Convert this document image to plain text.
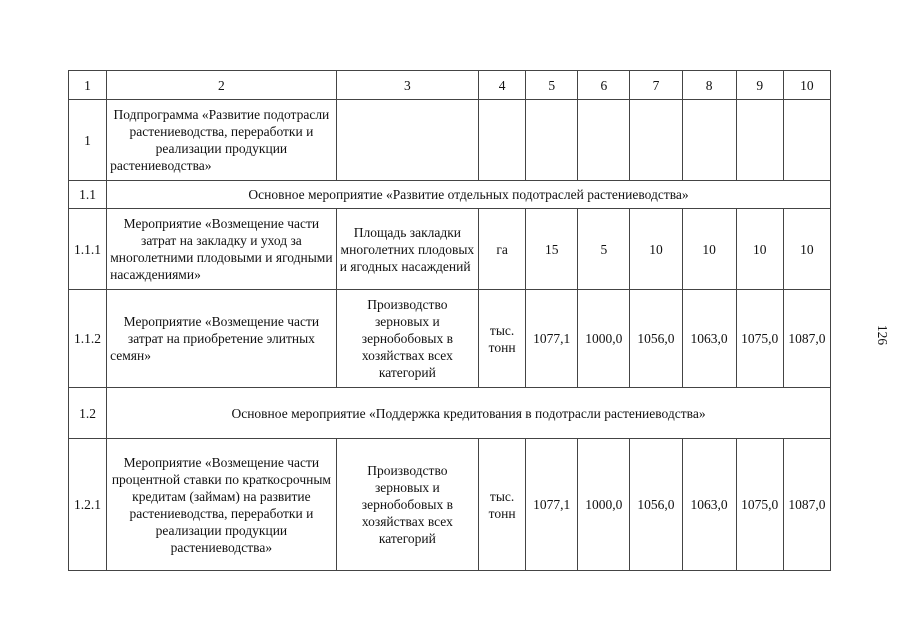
1	2	3	4	5	6	7	8	9	10
1	Подпрограмма «Развитие подотрасли растениеводства, переработки и реализации продукции растениеводства»								
1.1	Основное мероприятие «Развитие отдельных подотраслей растениеводства»								
1.1.1	Мероприятие «Возмещение части затрат на закладку и уход за многолетними плодовыми и ягодными насаждениями»	Площадь закладки многолетних плодовых и ягодных насаждений	га	15	5	10	10	10	10
1.1.2	Мероприятие «Возмещение части затрат на приобретение элитных семян»	Производство зерновых и зернобобовых в хозяйствах всех категорий	тыс. тонн	1077,1	1000,0	1056,0	1063,0	1075,0	1087,0
1.2	Основное мероприятие «Поддержка кредитования в подотрасли растениеводства»								
1.2.1	Мероприятие «Возмещение части процентной ставки по краткосрочным кредитам (займам) на развитие растениеводства, переработки и реализации продукции растениеводства»	Производство зерновых и зернобобовых в хозяйствах всех категорий	тыс. тонн	1077,1	1000,0	1056,0	1063,0	1075,0	1087,0
126
